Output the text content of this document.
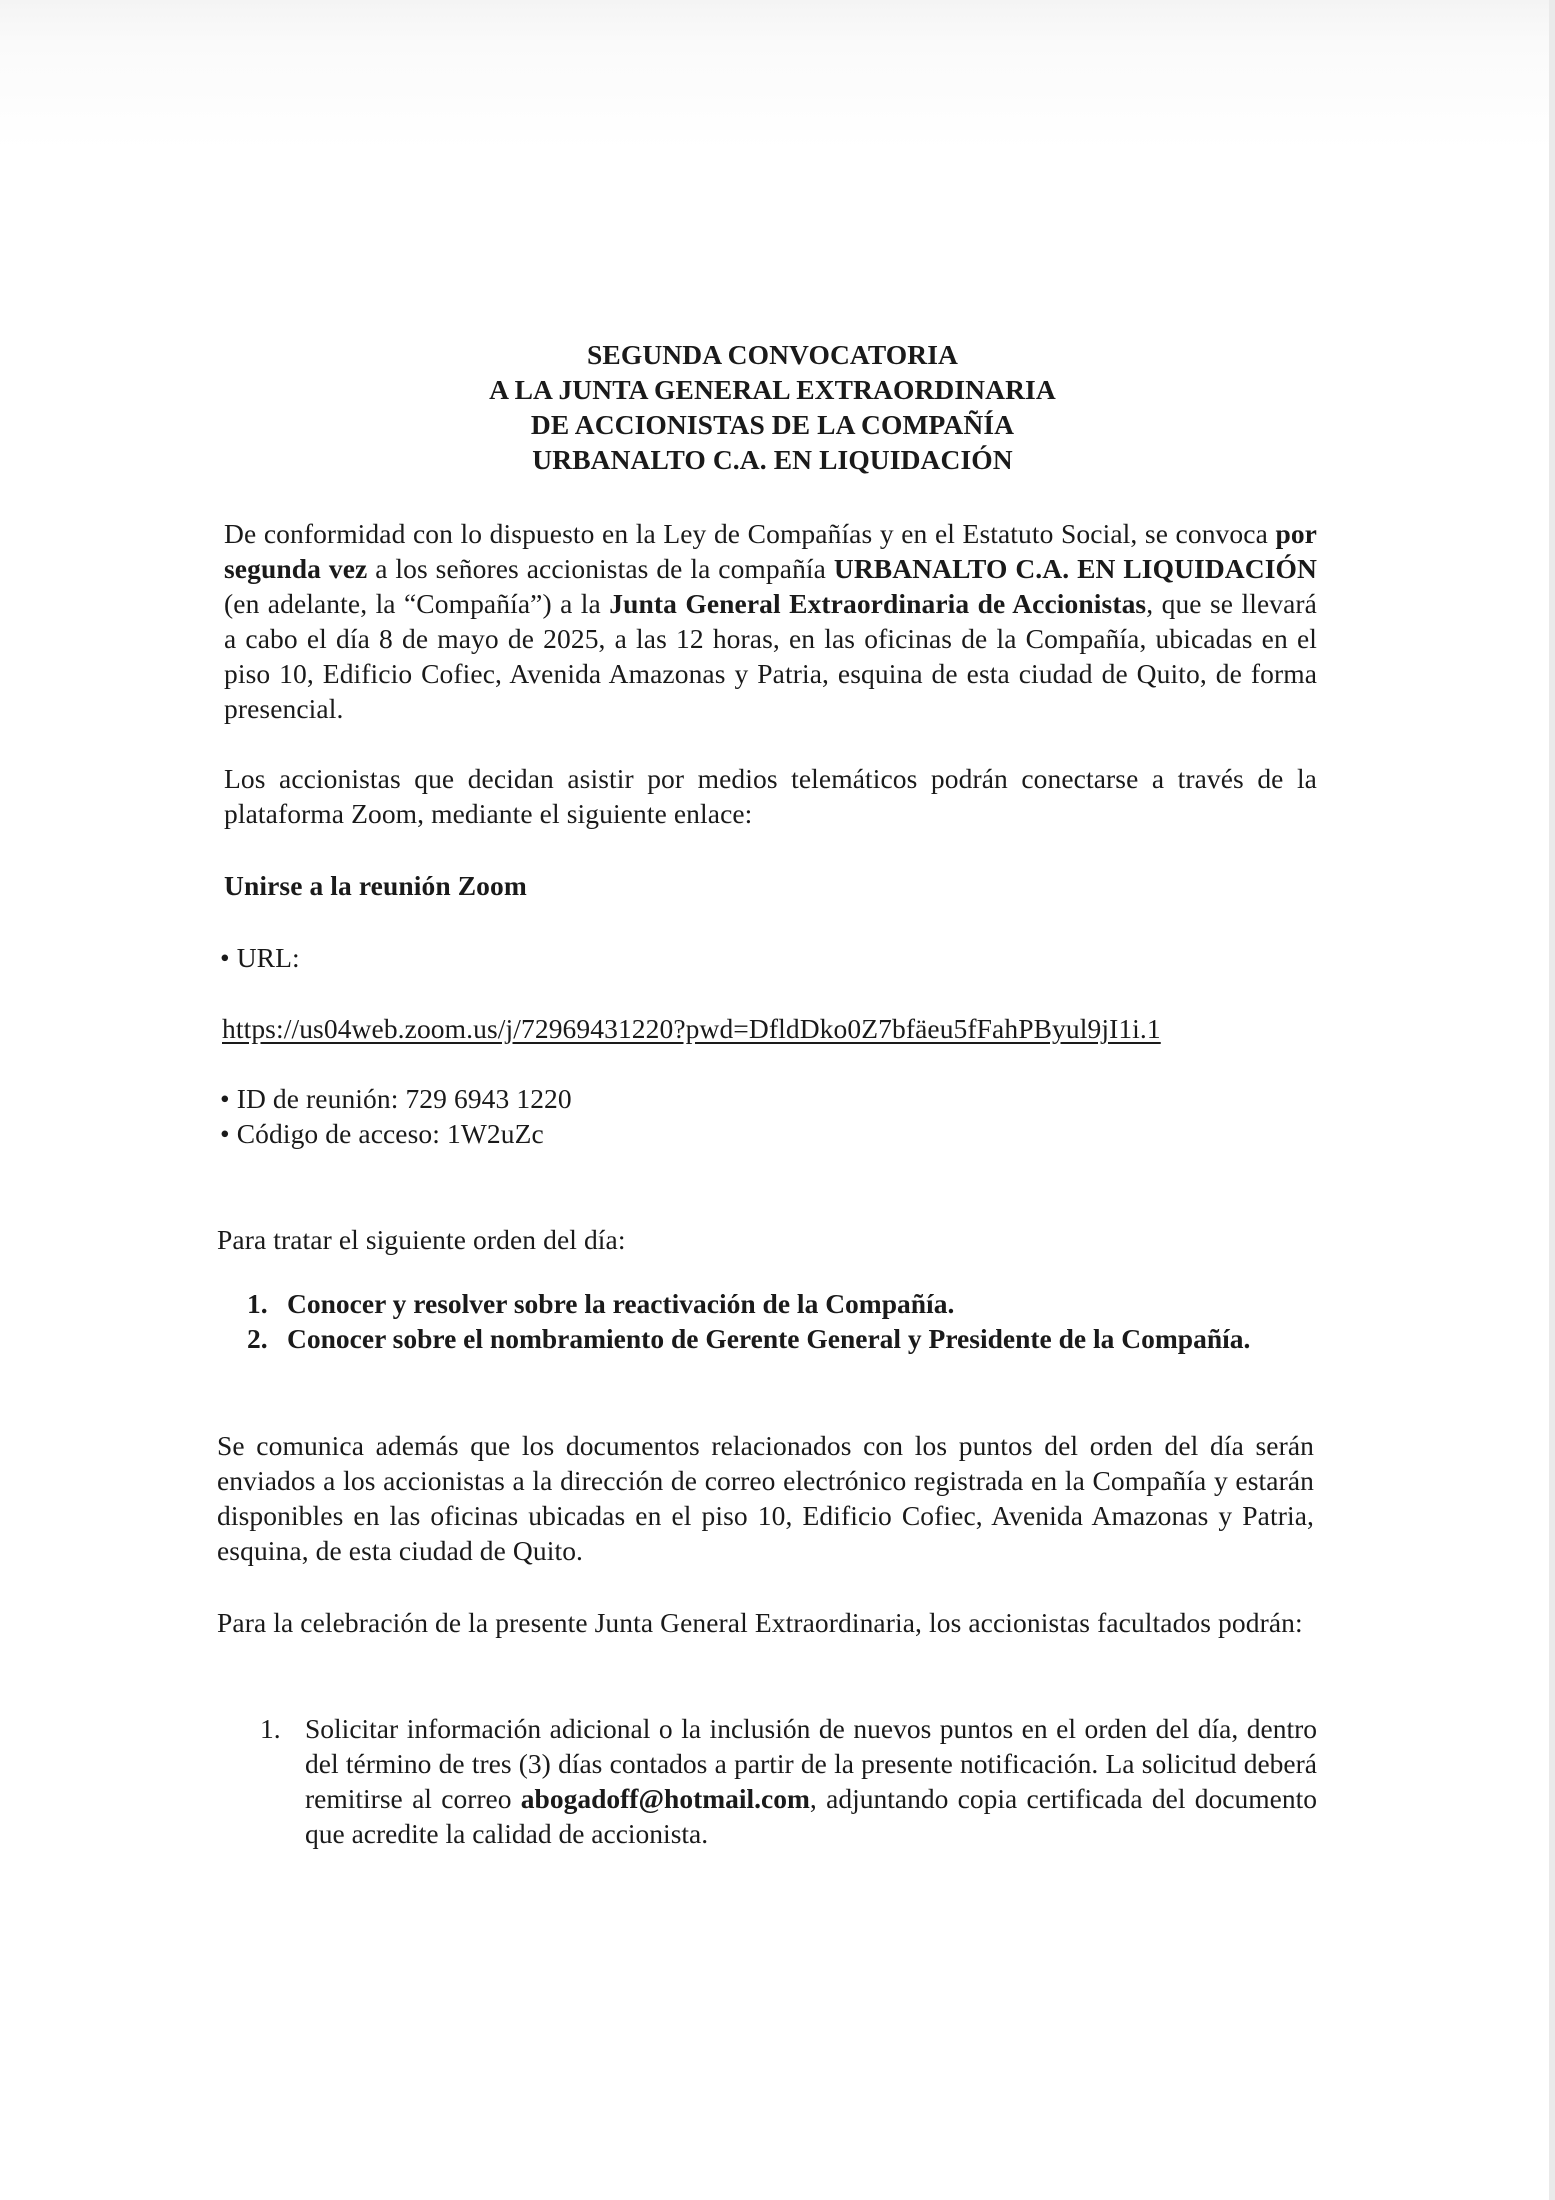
SEGUNDA CONVOCATORIA
A LA JUNTA GENERAL EXTRAORDINARIA
DE ACCIONISTAS DE LA COMPAÑÍA
URBANALTO C.A. EN LIQUIDACIÓN

De conformidad con lo dispuesto en la Ley de Compañías y en el Estatuto Social, se convoca por segunda vez a los señores accionistas de la compañía URBANALTO C.A. EN LIQUIDACIÓN (en adelante, la “Compañía”) a la Junta General Extraordinaria de Accionistas, que se llevará a cabo el día 8 de mayo de 2025, a las 12 horas, en las oficinas de la Compañía, ubicadas en el piso 10, Edificio Cofiec, Avenida Amazonas y Patria, esquina de esta ciudad de Quito, de forma presencial.

Los accionistas que decidan asistir por medios telemáticos podrán conectarse a través de la plataforma Zoom, mediante el siguiente enlace:

Unirse a la reunión Zoom

• URL:

https://us04web.zoom.us/j/72969431220?pwd=DfldDko0Z7bfäeu5fFahPByul9jI1i.1

• ID de reunión: 729 6943 1220
• Código de acceso: 1W2uZc

Para tratar el siguiente orden del día:

1. Conocer y resolver sobre la reactivación de la Compañía.
2. Conocer sobre el nombramiento de Gerente General y Presidente de la Compañía.

Se comunica además que los documentos relacionados con los puntos del orden del día serán enviados a los accionistas a la dirección de correo electrónico registrada en la Compañía y estarán disponibles en las oficinas ubicadas en el piso 10, Edificio Cofiec, Avenida Amazonas y Patria, esquina, de esta ciudad de Quito.

Para la celebración de la presente Junta General Extraordinaria, los accionistas facultados podrán:

1. Solicitar información adicional o la inclusión de nuevos puntos en el orden del día, dentro del término de tres (3) días contados a partir de la presente notificación. La solicitud deberá remitirse al correo abogadoff@hotmail.com, adjuntando copia certificada del documento que acredite la calidad de accionista.
